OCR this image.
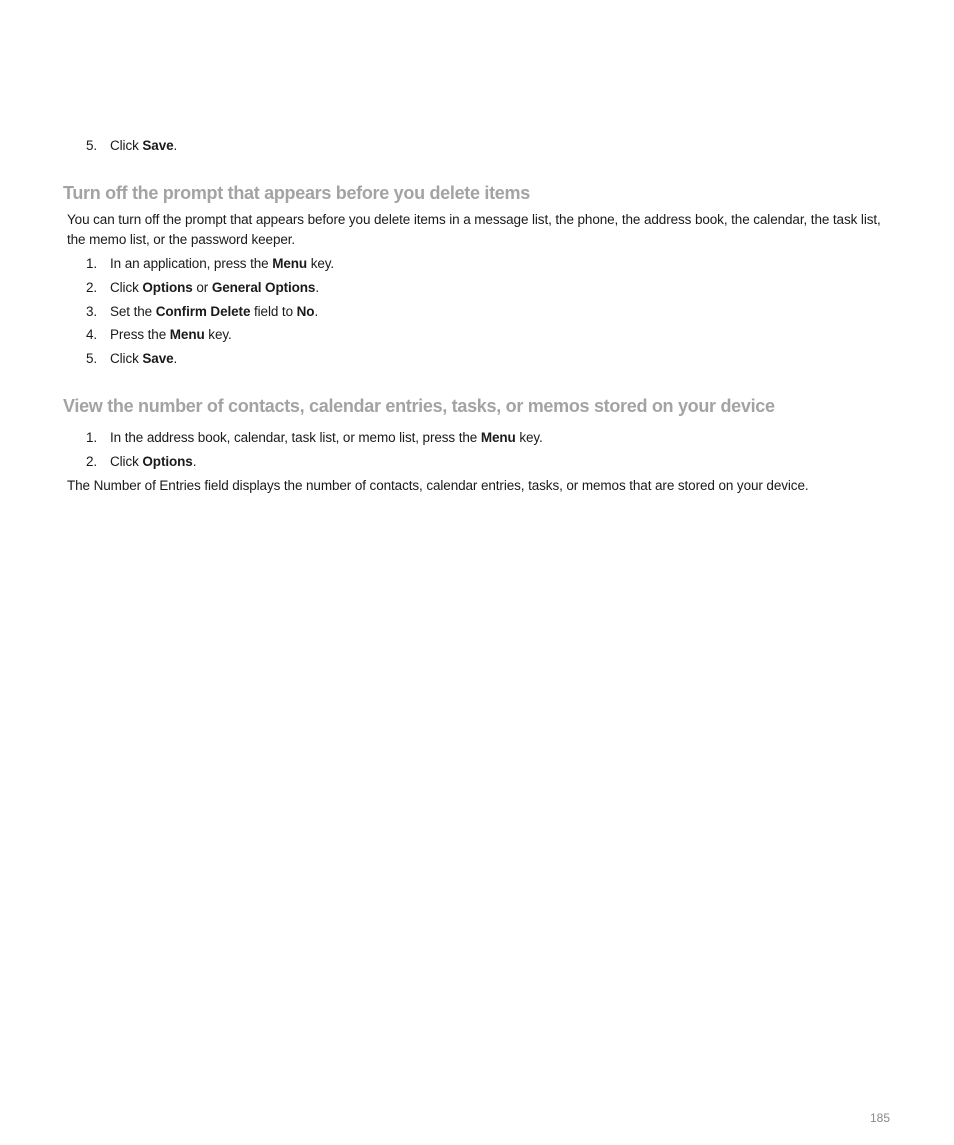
5. Click Save.
Turn off the prompt that appears before you delete items
You can turn off the prompt that appears before you delete items in a message list, the phone, the address book, the calendar, the task list, the memo list, or the password keeper.
1. In an application, press the Menu key.
2. Click Options or General Options.
3. Set the Confirm Delete field to No.
4. Press the Menu key.
5. Click Save.
View the number of contacts, calendar entries, tasks, or memos stored on your device
1. In the address book, calendar, task list, or memo list, press the Menu key.
2. Click Options.
The Number of Entries field displays the number of contacts, calendar entries, tasks, or memos that are stored on your device.
185
